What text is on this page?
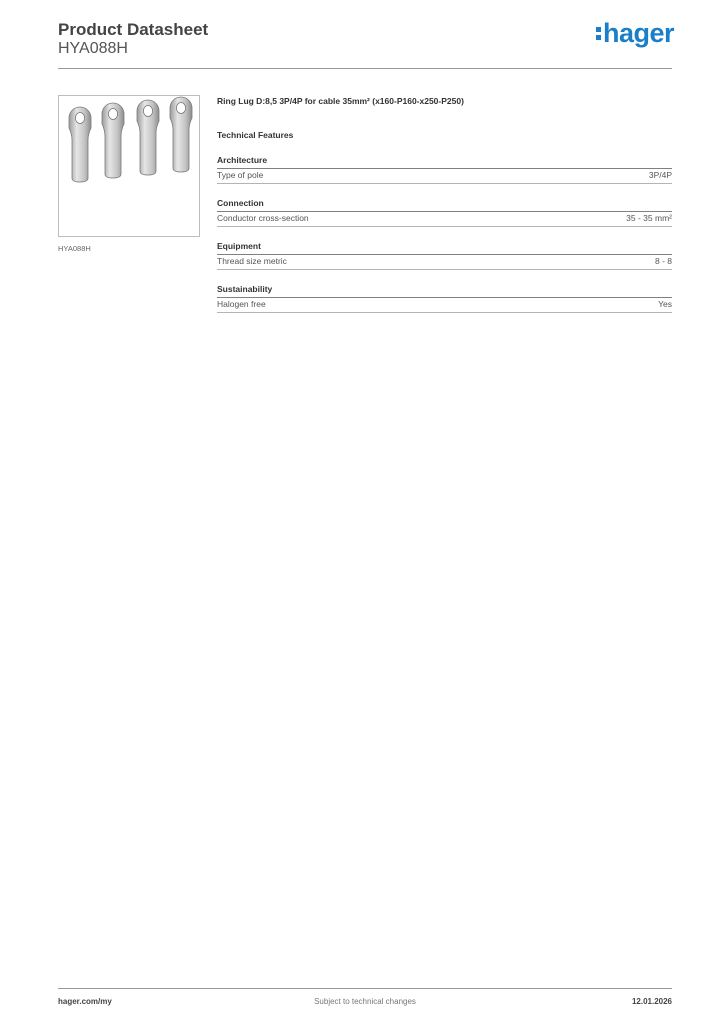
Product Datasheet

HYA088H

hager
HYA088H

Ring Lug D:8,5 3P/4P for cable 35mm² (x160-P160-x250-P250)

Technical Features
Architecture
Type of pole	3P/4P
Connection
Conductor cross-section	35 - 35 mm²
Equipment
Thread size metric	8 - 8
Sustainability
Halogen free	Yes
hager.com/my	Subject to technical changes	12.01.2026
